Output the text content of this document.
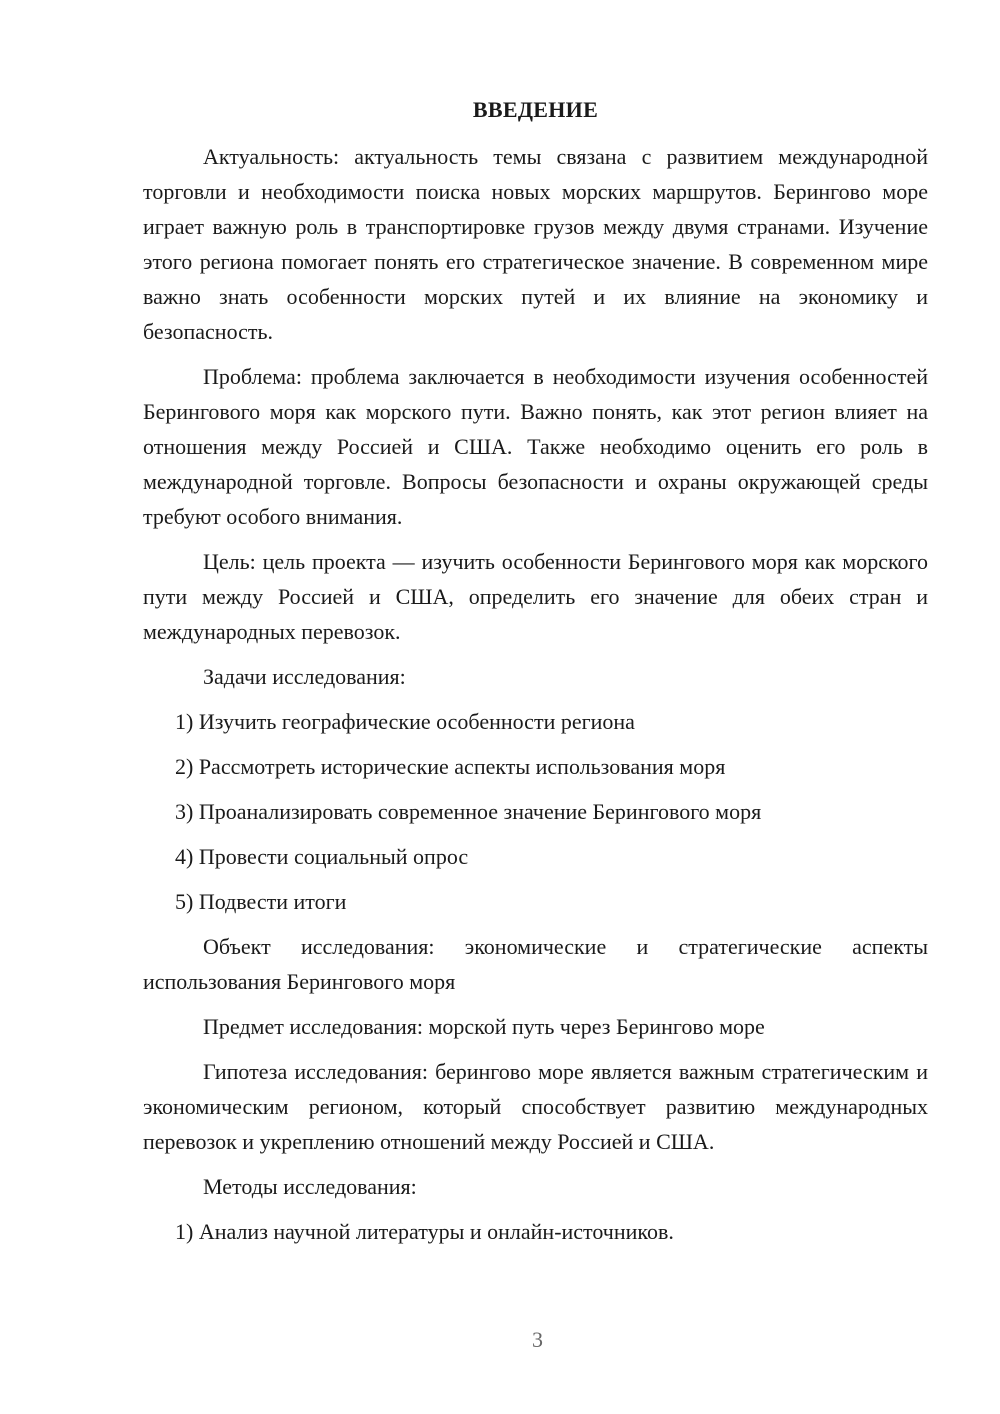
ВВЕДЕНИЕ

Актуальность: актуальность темы связана с развитием международной торговли и необходимости поиска новых морских маршрутов. Берингово море играет важную роль в транспортировке грузов между двумя странами. Изучение этого региона помогает понять его стратегическое значение. В современном мире важно знать особенности морских путей и их влияние на экономику и безопасность.

Проблема: проблема заключается в необходимости изучения особенностей Берингового моря как морского пути. Важно понять, как этот регион влияет на отношения между Россией и США. Также необходимо оценить его роль в международной торговле. Вопросы безопасности и охраны окружающей среды требуют особого внимания.

Цель: цель проекта — изучить особенности Берингового моря как морского пути между Россией и США, определить его значение для обеих стран и международных перевозок.

Задачи исследования:
1) Изучить географические особенности региона
2) Рассмотреть исторические аспекты использования моря
3) Проанализировать современное значение Берингового моря
4) Провести социальный опрос
5) Подвести итоги

Объект исследования: экономические и стратегические аспекты использования Берингового моря

Предмет исследования: морской путь через Берингово море

Гипотеза исследования: берингово море является важным стратегическим и экономическим регионом, который способствует развитию международных перевозок и укреплению отношений между Россией и США.

Методы исследования:
1) Анализ научной литературы и онлайн-источников.
3
